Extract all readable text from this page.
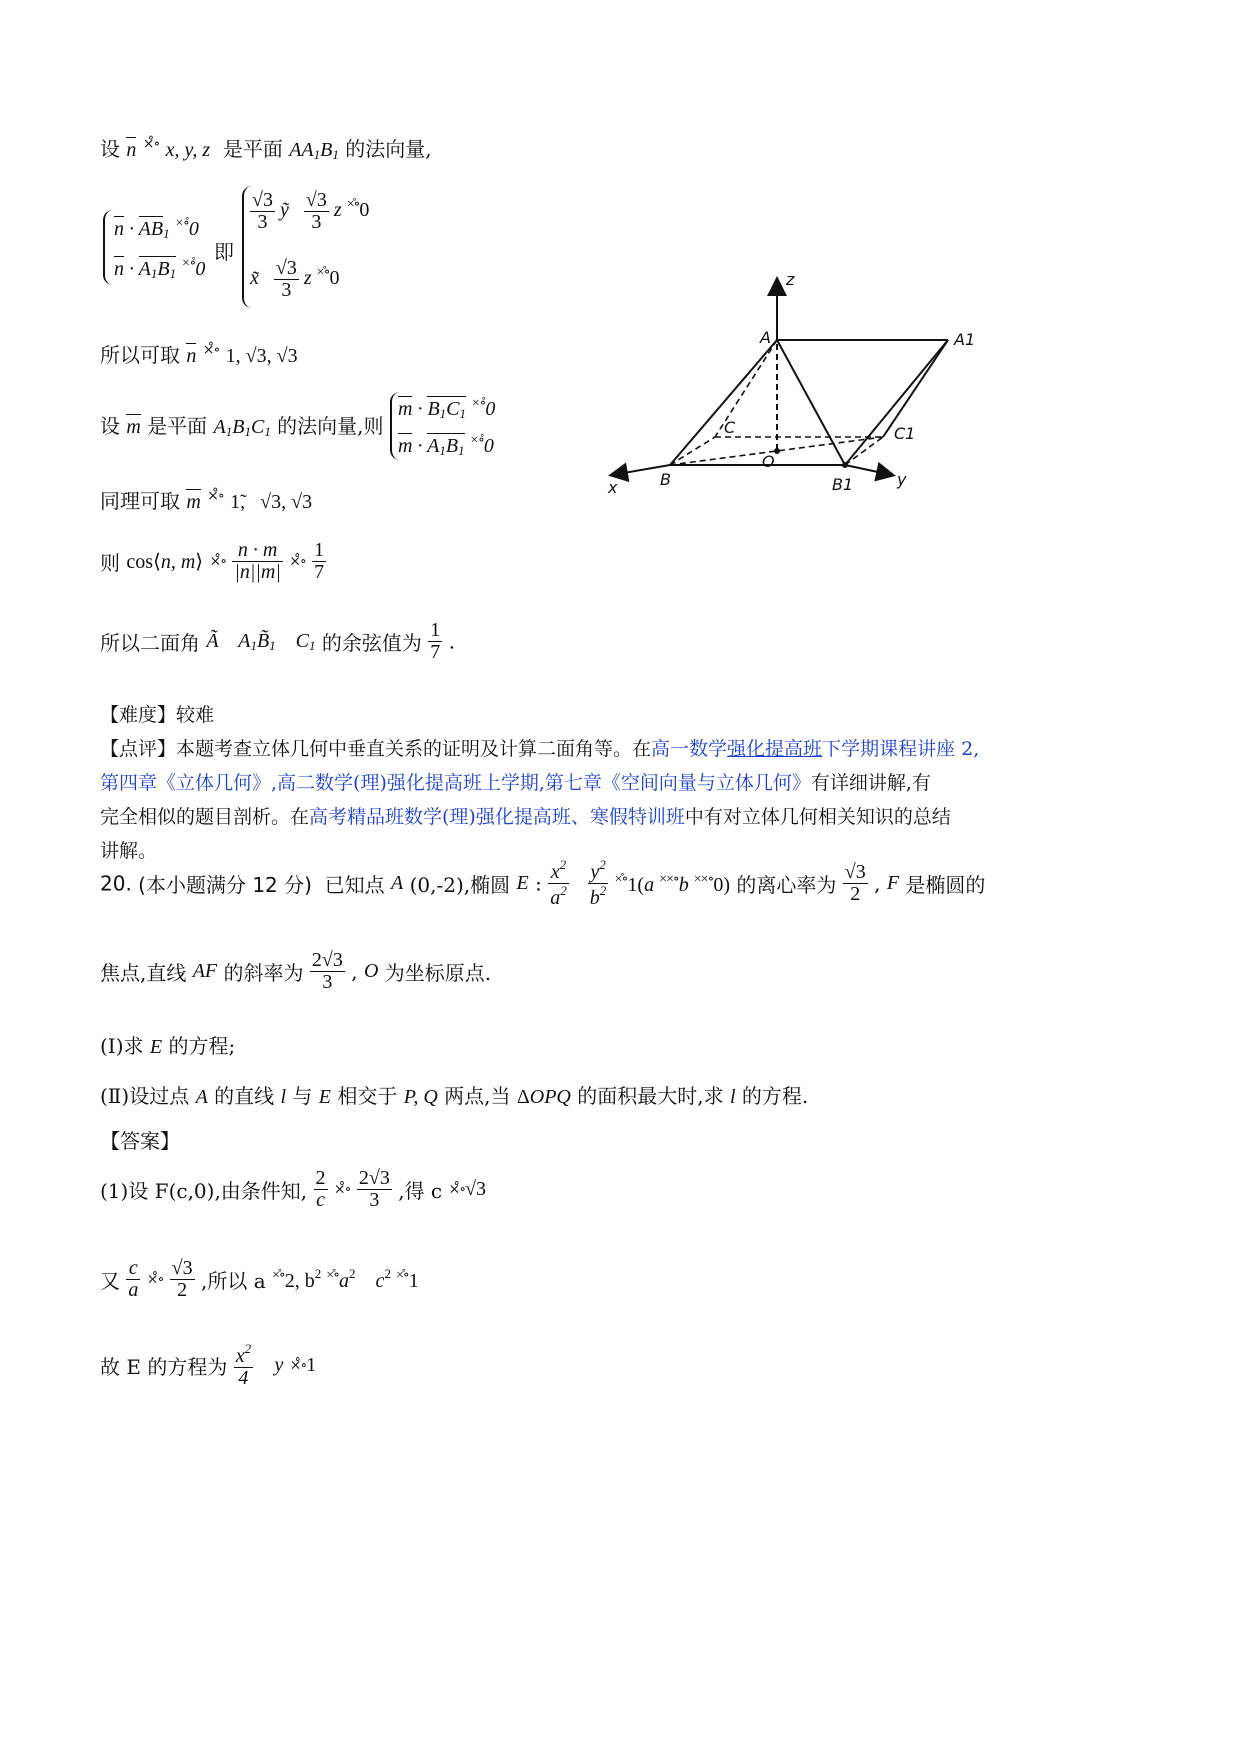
设 n ×̊∘ x, y, z 是平面 AA1B1 的法向量,
n · AB1 ×̊∘0
n · A1B1 ×̊∘0
即
$\frac{√3}{3}$ ỹ $\frac{√3}{3}$ z ×̊∘0
x̃ $\frac{√3}{3}$ z ×̊∘0
所以可取 n ×̊∘ 1, √3, √3
设 m 是平面 A1B1C1 的法向量,则
m · B1C1 ×̊∘0
m · A1B1 ×̊∘0
同理可取 m ×̊∘ 1̃,   √3, √3
则 cos⟨n, m⟩ ×̊∘ $\frac{n \cdot m}{|n||m|}$ ×̊∘ $\frac{1}{7}$
所以二面角 Ã    A1B̃1    C1 的余弦值为 $\frac{1}{7}$ .
z
A	A1
C	C1
O
B	B1
x	y
【难度】较难
【点评】本题考查立体几何中垂直关系的证明及计算二面角等。在高一数学强化提高班下学期课程讲座 2,
第四章《立体几何》,高二数学(理)强化提高班上学期,第七章《空间向量与立体几何》有详细讲解,有
完全相似的题目剖析。在高考精品班数学(理)强化提高班、寒假特训班中有对立体几何相关知识的总结
讲解。
20. (本小题满分 12 分) 已知点 A (0,-2),椭圆 E : $\frac{x^2}{a^2}$
$\frac{y^2}{b^2} ^{\times̊\circ}1(a$ ××∘b ××∘0) 的离心率为 $\frac{√3}{2}$ , F 是椭圆的
焦点,直线 AF 的斜率为 $\frac{2√3}{3}$ , O 为坐标原点.
(Ⅰ)求 E 的方程;
(Ⅱ)设过点 A 的直线 l 与 E 相交于 P, Q 两点,当 ΔOPQ 的面积最大时,求 l 的方程.
【答案】
(1)设 F(c,0),由条件知, $\frac{2}{c}$ ×̊∘ $\frac{2√3}{3}$ ,得 c ×̊∘√3
又 $\frac{c}{a}$ ×̊∘ $\frac{√3}{2}$ ,所以 a ×̊∘2, $b^2$ $^{\times̊\circ}a^2$ $c^2$ ×̊∘1
故 E 的方程为 $\frac{x^2}{4}$ y ×̊∘1
